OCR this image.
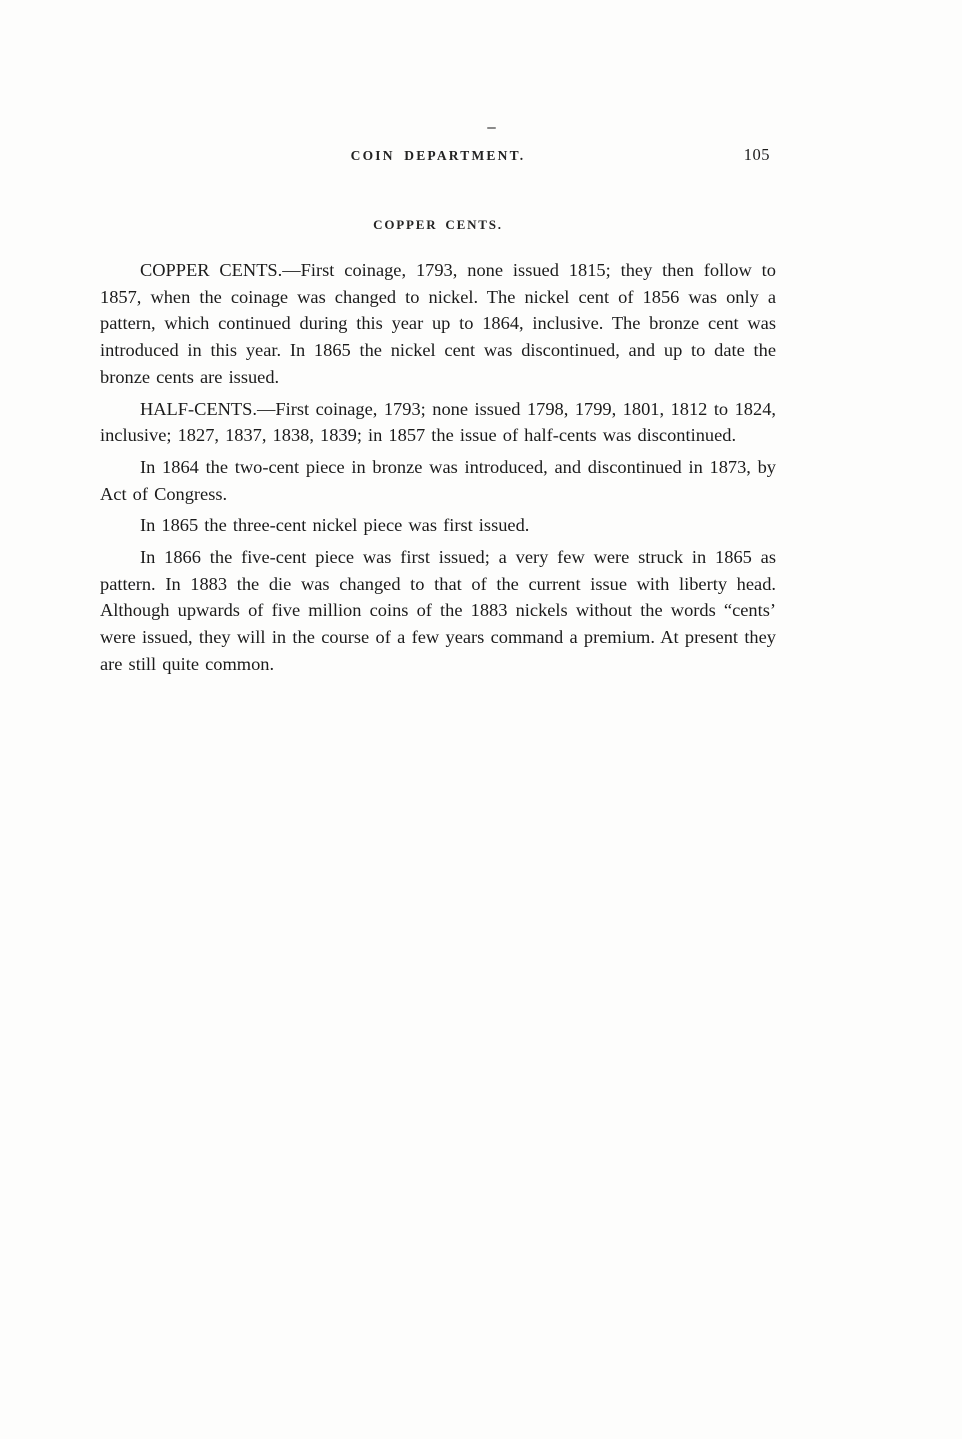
COIN DEPARTMENT.	105
COPPER CENTS.

COPPER CENTS.—First coinage, 1793, none issued 1815; they then follow to 1857, when the coinage was changed to nickel. The nickel cent of 1856 was only a pattern, which continued during this year up to 1864, inclusive. The bronze cent was introduced in this year. In 1865 the nickel cent was discontinued, and up to date the bronze cents are issued.

HALF-CENTS.—First coinage, 1793; none issued 1798, 1799, 1801, 1812 to 1824, inclusive; 1827, 1837, 1838, 1839; in 1857 the issue of half-cents was discontinued.

In 1864 the two-cent piece in bronze was introduced, and discontinued in 1873, by Act of Congress.

In 1865 the three-cent nickel piece was first issued.

In 1866 the five-cent piece was first issued; a very few were struck in 1865 as pattern. In 1883 the die was changed to that of the current issue with liberty head. Although upwards of five million coins of the 1883 nickels without the words “cents’ were issued, they will in the course of a few years command a premium. At present they are still quite common.
